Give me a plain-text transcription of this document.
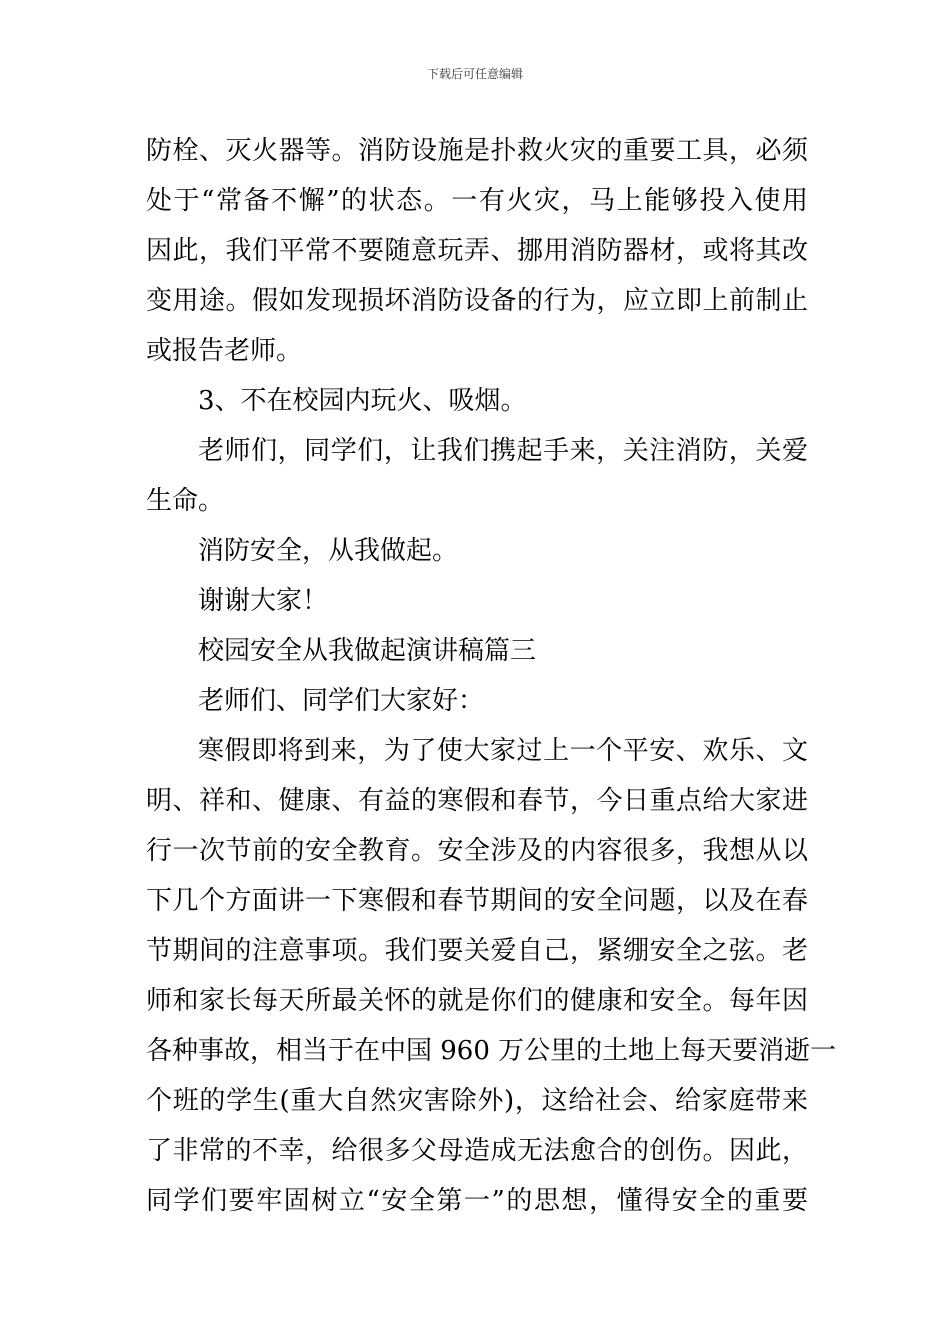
下载后可任意编辑
防栓、灭火器等。消防设施是扑救火灾的重要工具，必须
处于“常备不懈”的状态。一有火灾，马上能够投入使用
因此，我们平常不要随意玩弄、挪用消防器材，或将其改
变用途。假如发现损坏消防设备的行为，应立即上前制止
或报告老师。
3、不在校园内玩火、吸烟。
老师们，同学们，让我们携起手来，关注消防，关爱
生命。
消防安全，从我做起。
谢谢大家！
校园安全从我做起演讲稿篇三
老师们、同学们大家好：
寒假即将到来，为了使大家过上一个平安、欢乐、文
明、祥和、健康、有益的寒假和春节，今日重点给大家进
行一次节前的安全教育。安全涉及的内容很多，我想从以
下几个方面讲一下寒假和春节期间的安全问题，以及在春
节期间的注意事项。我们要关爱自己，紧绷安全之弦。老
师和家长每天所最关怀的就是你们的健康和安全。每年因
各种事故，相当于在中国 960 万公里的土地上每天要消逝一
个班的学生(重大自然灾害除外)，这给社会、给家庭带来
了非常的不幸，给很多父母造成无法愈合的创伤。因此，
同学们要牢固树立“安全第一”的思想，懂得安全的重要
